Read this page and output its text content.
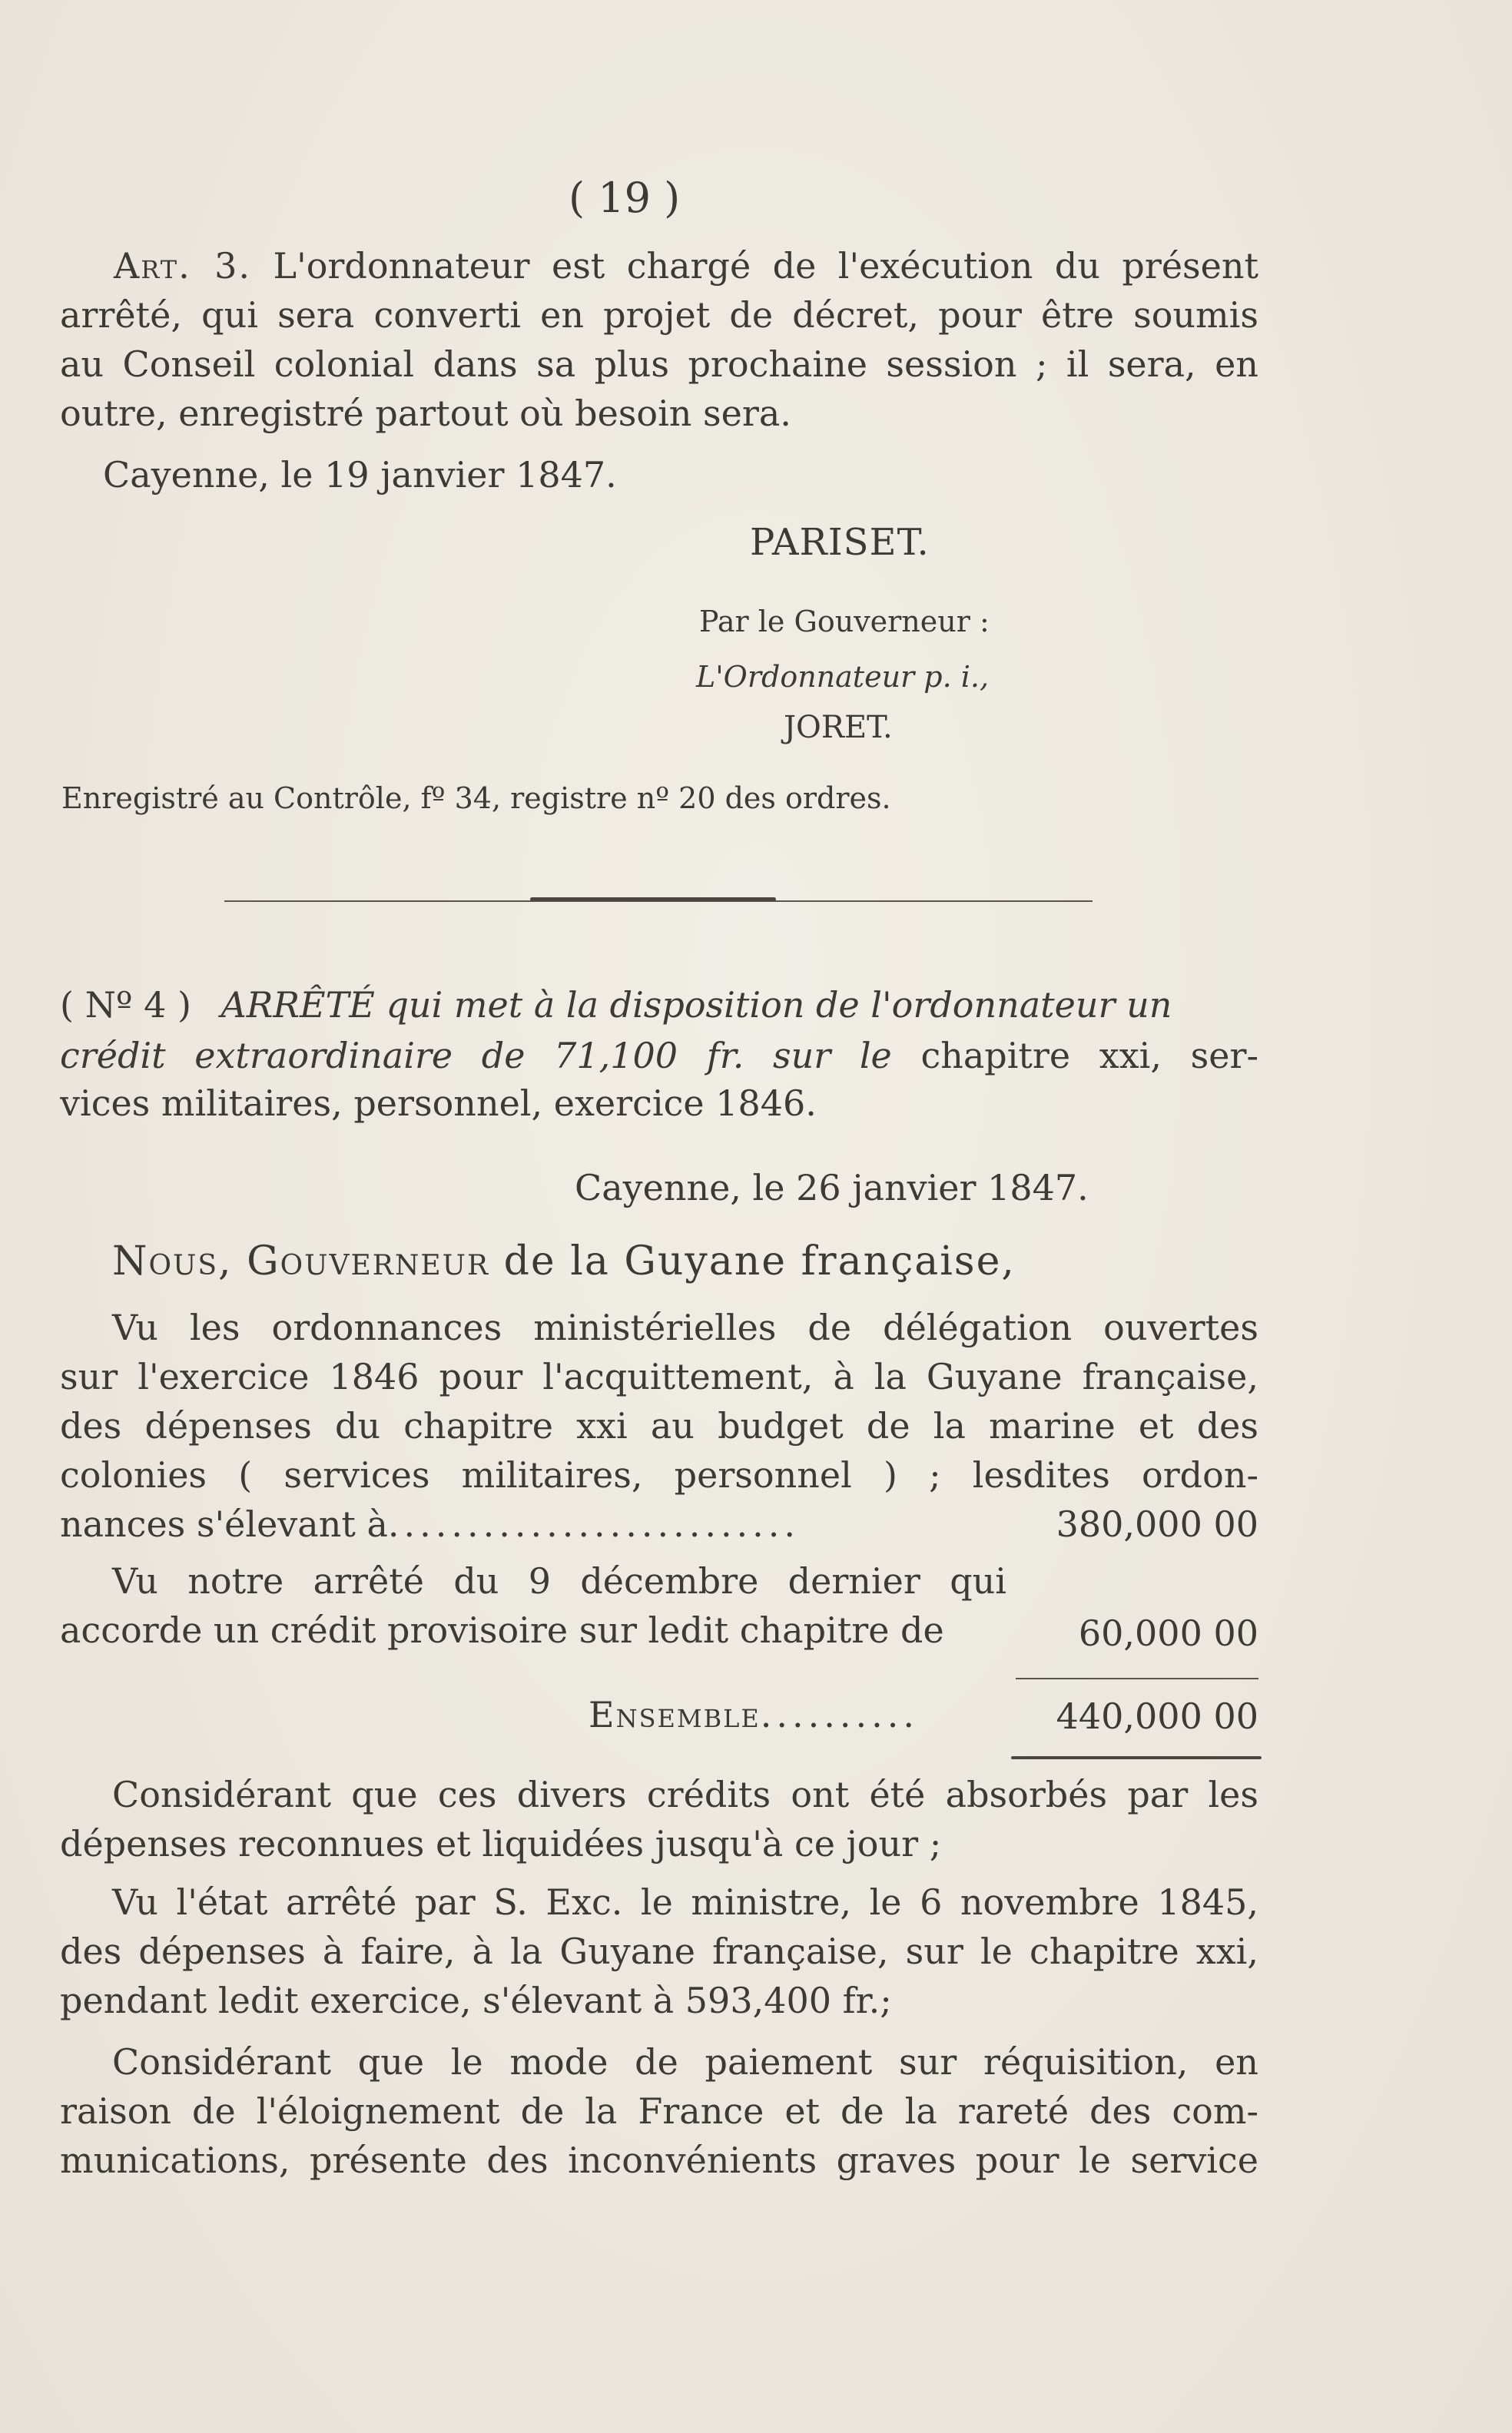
( 19 )
Art. 3. L'ordonnateur est chargé de l'exécution du présent
arrêté, qui sera converti en projet de décret, pour être soumis
au Conseil colonial dans sa plus prochaine session ; il sera, en
outre, enregistré partout où besoin sera.
Cayenne, le 19 janvier 1847.
PARISET.
Par le Gouverneur :
L'Ordonnateur p. i.,
JORET.
Enregistré au Contrôle, fº 34, registre nº 20 des ordres.
( Nº 4 ) ARRÊTÉ qui met à la disposition de l'ordonnateur un
crédit extraordinaire de 71,100 fr. sur le chapitre xxi, ser-
vices militaires, personnel, exercice 1846.
Cayenne, le 26 janvier 1847.
Nous, Gouverneur de la Guyane française,
Vu les ordonnances ministérielles de délégation ouvertes
sur l'exercice 1846 pour l'acquittement, à la Guyane française,
des dépenses du chapitre xxi au budget de la marine et des
colonies ( services militaires, personnel ) ; lesdites ordon-
nances s'élevant à..........................	380,000 00
Vu notre arrêté du 9 décembre dernier qui
accorde un crédit provisoire sur ledit chapitre de	60,000 00
Ensemble..........	440,000 00
Considérant que ces divers crédits ont été absorbés par les
dépenses reconnues et liquidées jusqu'à ce jour ;
Vu l'état arrêté par S. Exc. le ministre, le 6 novembre 1845,
des dépenses à faire, à la Guyane française, sur le chapitre xxi,
pendant ledit exercice, s'élevant à 593,400 fr.;
Considérant que le mode de paiement sur réquisition, en
raison de l'éloignement de la France et de la rareté des com-
munications, présente des inconvénients graves pour le service
